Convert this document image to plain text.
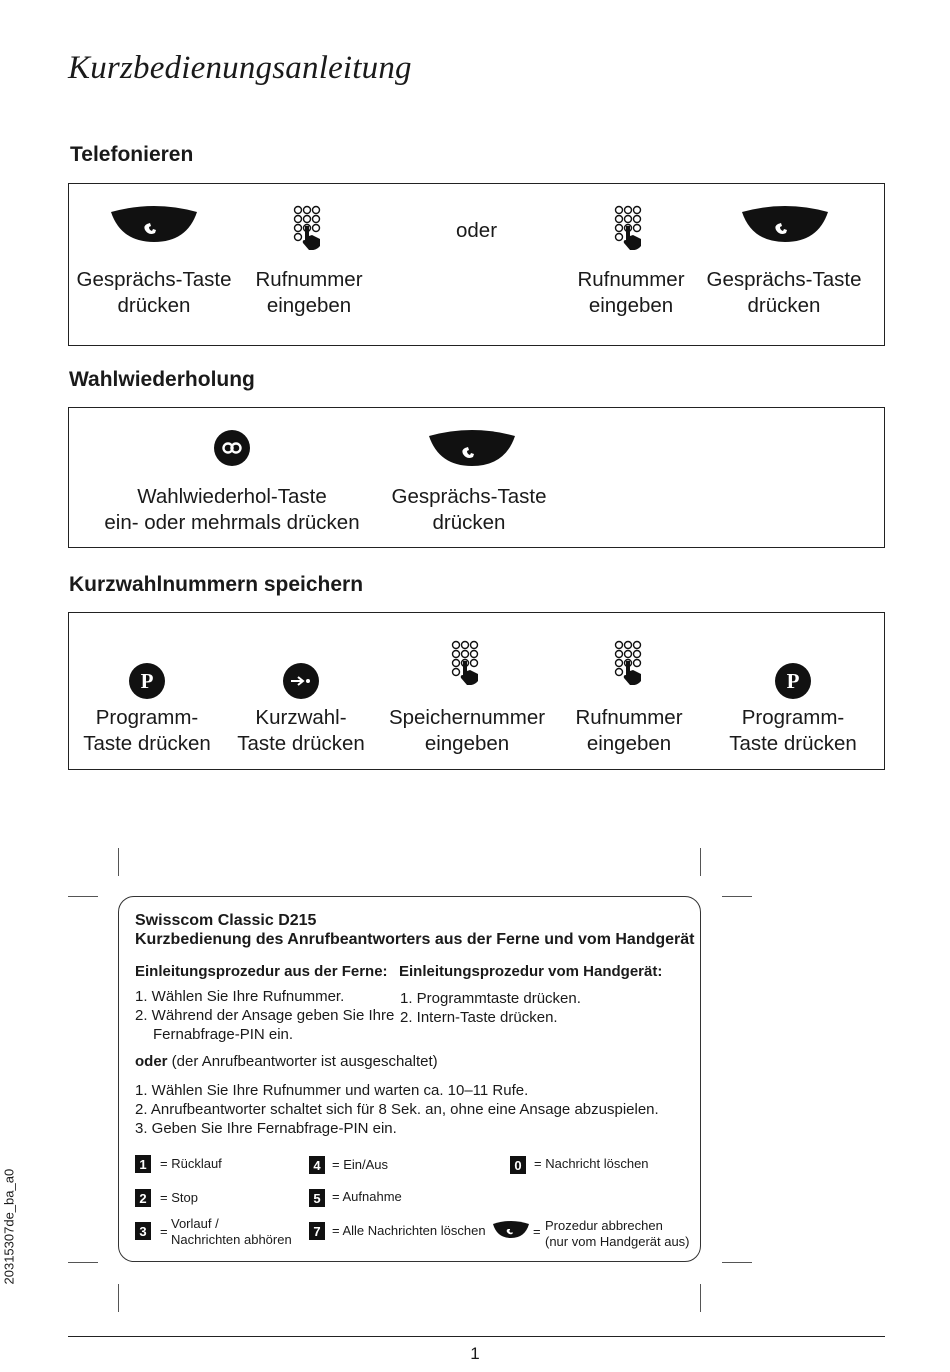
Kurzbedienungsanleitung
Telefonieren
oder
Gesprächs-Taste
drücken
Rufnummer
eingeben
Rufnummer
eingeben
Gesprächs-Taste
drücken
Wahlwiederholung
Wahlwiederhol-Taste
ein- oder mehrmals drücken
Gesprächs-Taste
drücken
Kurzwahlnummern speichern
P	P
Programm-
Taste drücken
Kurzwahl-
Taste drücken
Speichernummer
eingeben
Rufnummer
eingeben
Programm-
Taste drücken
Swisscom Classic D215
Kurzbedienung des Anrufbeantworters aus der Ferne und vom Handgerät
Einleitungsprozedur aus der Ferne:
1. Wählen Sie Ihre Rufnummer.
2. Während der Ansage geben Sie Ihre
Fernabfrage-PIN ein.
Einleitungsprozedur vom Handgerät:
1. Programmtaste drücken.
2. Intern-Taste drücken.
oder (der Anrufbeantworter ist ausgeschaltet)
1. Wählen Sie Ihre Rufnummer und warten ca. 10–11 Rufe.
2. Anrufbeantworter schaltet sich für 8 Sek. an, ohne eine Ansage abzuspielen.
3. Geben Sie Ihre Fernabfrage-PIN ein.
1	= Rücklauf
2	= Stop
3	=
Vorlauf /
Nachrichten abhören
4 = Ein/Aus
5 = Aufnahme
7 = Alle Nachrichten löschen
0 = Nachricht löschen
= Prozedur abbrechen
(nur vom Handgerät aus)
20315307de_ba_a0
1
